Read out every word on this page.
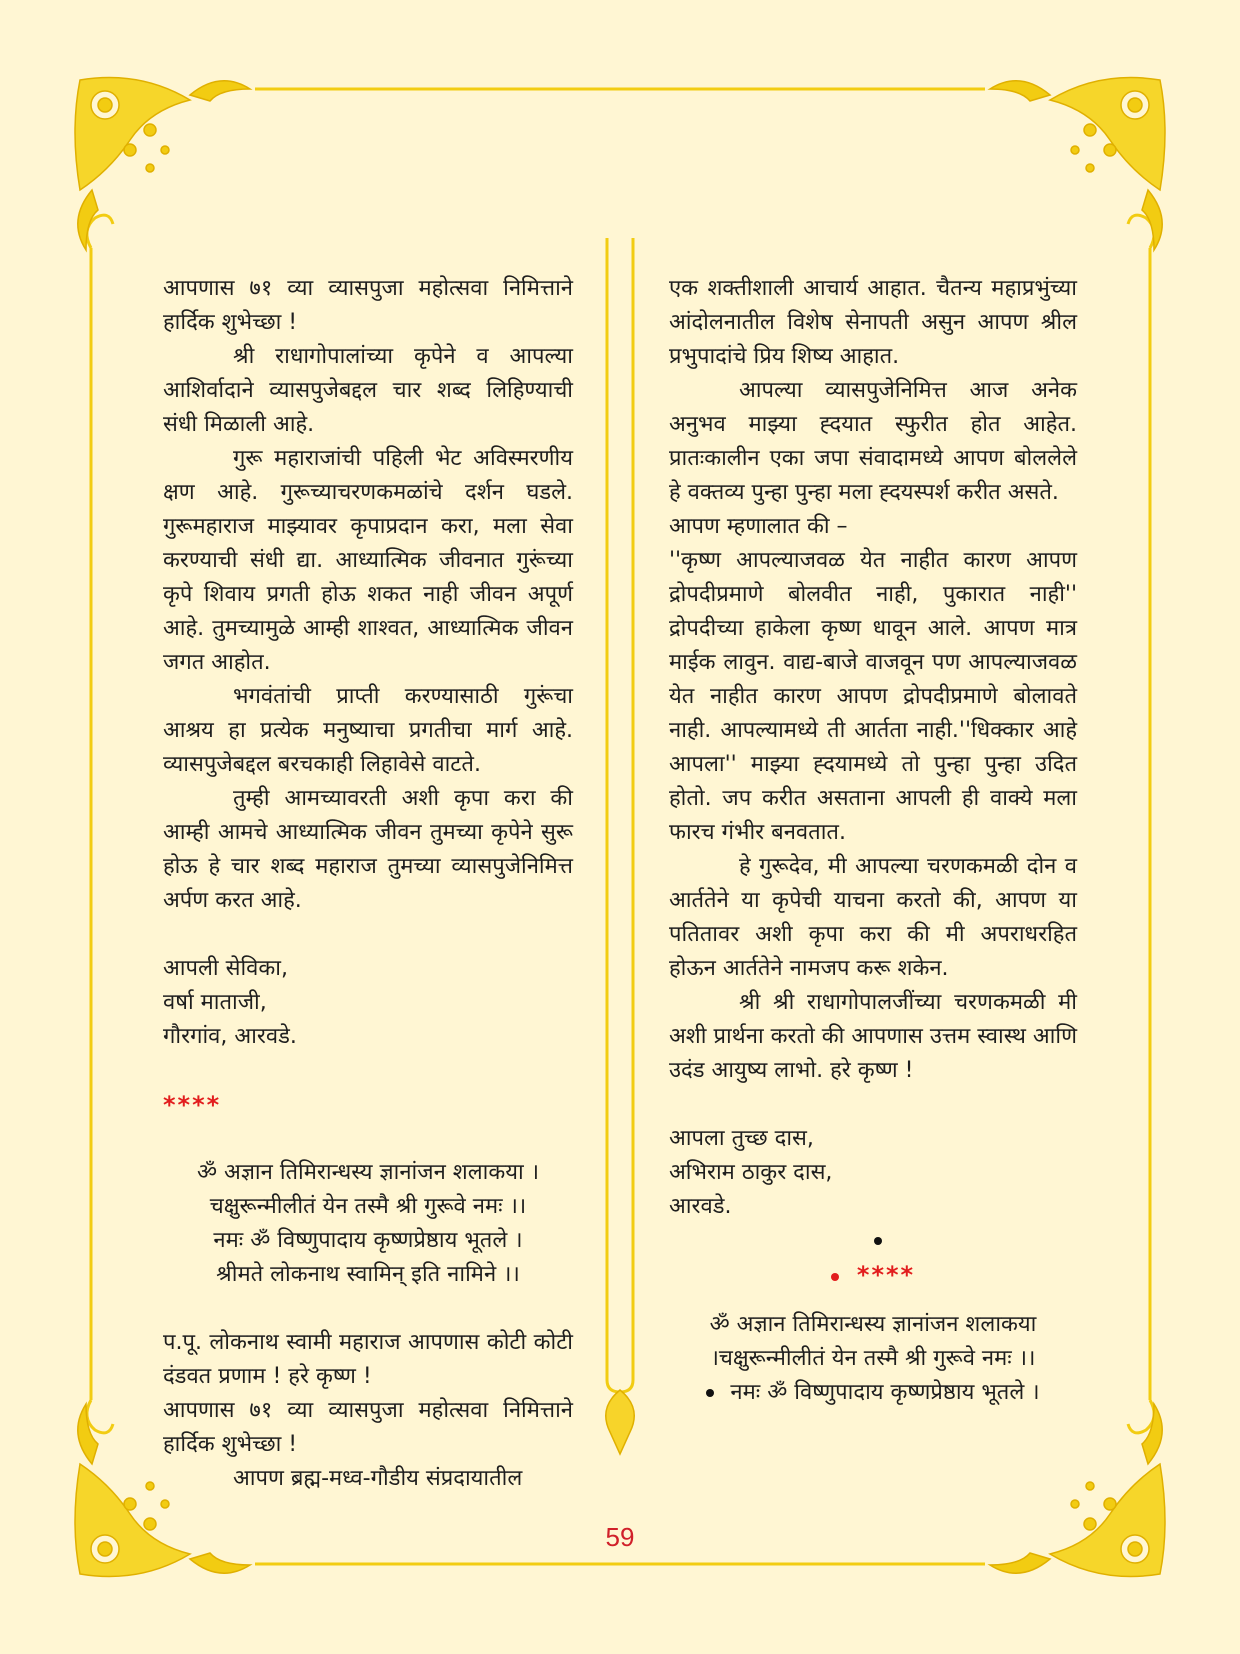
आपणास ७१ व्या व्यासपुजा महोत्सवा निमित्ताने हार्दिक शुभेच्छा !

श्री राधागोपालांच्या कृपेने व आपल्या आशिर्वादाने व्यासपुजेबद्दल चार शब्द लिहिण्याची संधी मिळाली आहे.

गुरू महाराजांची पहिली भेट अविस्मरणीय क्षण आहे. गुरूच्याचरणकमळांचे दर्शन घडले. गुरूमहाराज माझ्यावर कृपाप्रदान करा, मला सेवा करण्याची संधी द्या. आध्यात्मिक जीवनात गुरूंच्या कृपे शिवाय प्रगती होऊ शकत नाही जीवन अपूर्ण आहे. तुमच्यामुळे आम्ही शाश्वत, आध्यात्मिक जीवन जगत आहोत.

भगवंतांची प्राप्ती करण्यासाठी गुरूंचा आश्रय हा प्रत्येक मनुष्याचा प्रगतीचा मार्ग आहे. व्यासपुजेबद्दल बरचकाही लिहावेसे वाटते.

तुम्ही आमच्यावरती अशी कृपा करा की आम्ही आमचे आध्यात्मिक जीवन तुमच्या कृपेने सुरू होऊ हे चार शब्द महाराज तुमच्या व्यासपुजेनिमित्त अर्पण करत आहे.

आपली सेविका,

वर्षा माताजी,

गौरगांव, आरवडे.

****

ॐ अज्ञान तिमिरान्धस्य ज्ञानांजन शलाकया ।

चक्षुरून्मीलीतं येन तस्मै श्री गुरूवे नमः ।।

नमः ॐ विष्णुपादाय कृष्णप्रेष्ठाय भूतले ।

श्रीमते लोकनाथ स्वामिन् इति नामिने ।।

प.पू. लोकनाथ स्वामी महाराज आपणास कोटी कोटी दंडवत प्रणाम ! हरे कृष्ण !

आपणास ७१ व्या व्यासपुजा महोत्सवा निमित्ताने हार्दिक शुभेच्छा !

आपण ब्रह्म-मध्व-गौडीय संप्रदायातील

एक शक्तीशाली आचार्य आहात. चैतन्य महाप्रभुंच्या आंदोलनातील विशेष सेनापती असुन आपण श्रील प्रभुपादांचे प्रिय शिष्य आहात.

आपल्या व्यासपुजेनिमित्त आज अनेक अनुभव माझ्या ह्दयात स्फुरीत होत आहेत. प्रातःकालीन एका जपा संवादामध्ये आपण बोललेले हे वक्तव्य पुन्हा पुन्हा मला ह्दयस्पर्श करीत असते.

आपण म्हणालात की –

''कृष्ण आपल्याजवळ येत नाहीत कारण आपण द्रोपदीप्रमाणे बोलवीत नाही, पुकारात नाही'' द्रोपदीच्या हाकेला कृष्ण धावून आले. आपण मात्र माईक लावुन. वाद्य-बाजे वाजवून पण आपल्याजवळ येत नाहीत कारण आपण द्रोपदीप्रमाणे बोलावते नाही. आपल्यामध्ये ती आर्तता नाही.''धिक्कार आहे आपला'' माझ्या ह्दयामध्ये तो पुन्हा पुन्हा उदित होतो. जप करीत असताना आपली ही वाक्ये मला फारच गंभीर बनवतात.

हे गुरूदेव, मी आपल्या चरणकमळी दोन व आर्ततेने या कृपेची याचना करतो की, आपण या पतितावर अशी कृपा करा की मी अपराधरहित होऊन आर्ततेने नामजप करू शकेन.

श्री श्री राधागोपालजींच्या चरणकमळी मी अशी प्रार्थना करतो की आपणास उत्तम स्वास्थ आणि उदंड आयुष्य लाभो. हरे कृष्ण !

आपला तुच्छ दास,

अभिराम ठाकुर दास,

आरवडे.

****

ॐ अज्ञान तिमिरान्धस्य ज्ञानांजन शलाकया

।चक्षुरून्मीलीतं येन तस्मै श्री गुरूवे नमः ।।

नमः ॐ विष्णुपादाय कृष्णप्रेष्ठाय भूतले ।

59
